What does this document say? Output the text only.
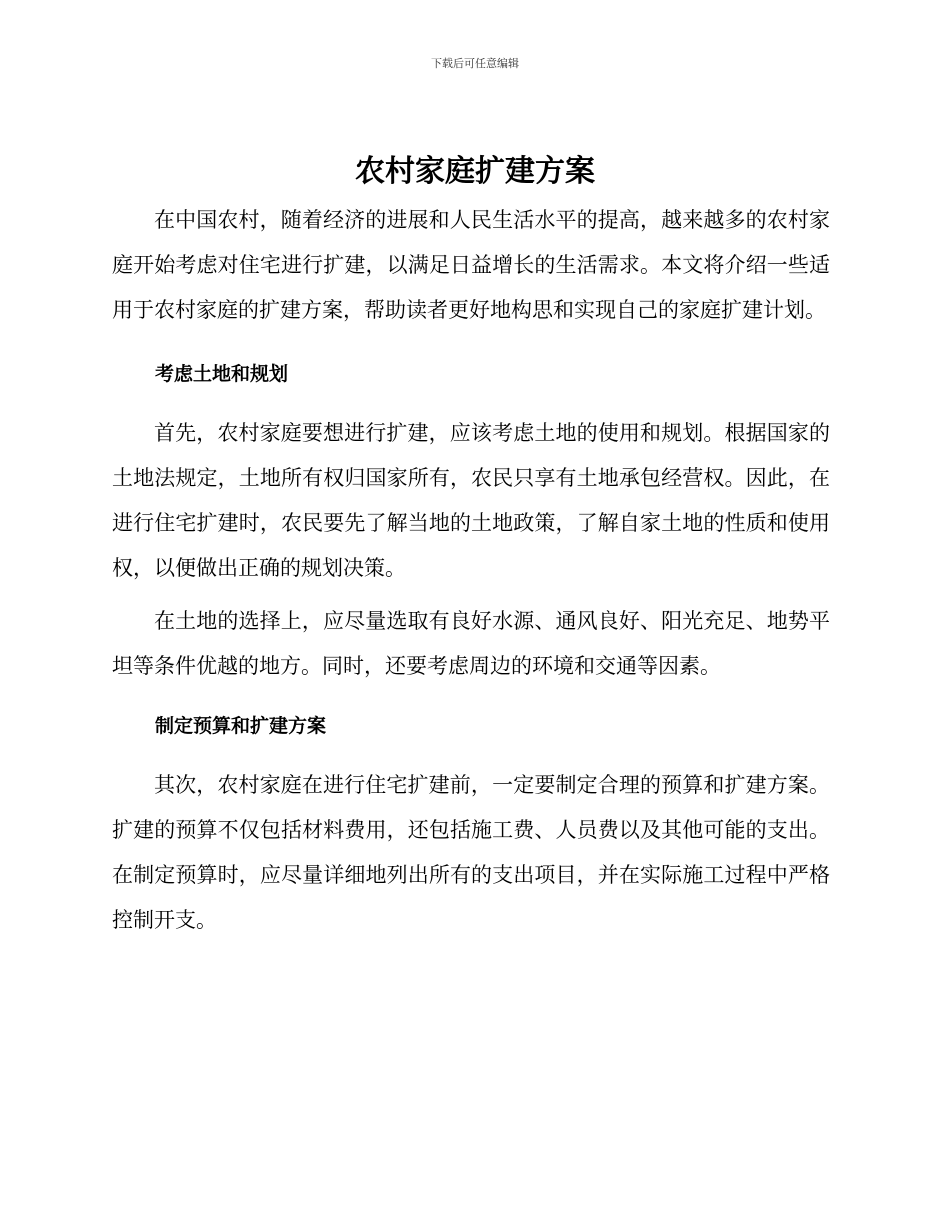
下载后可任意编辑
农村家庭扩建方案

在中国农村，随着经济的进展和人民生活水平的提高，越来越多的农村家庭开始考虑对住宅进行扩建，以满足日益增长的生活需求。本文将介绍一些适用于农村家庭的扩建方案，帮助读者更好地构思和实现自己的家庭扩建计划。

考虑土地和规划

首先，农村家庭要想进行扩建，应该考虑土地的使用和规划。根据国家的土地法规定，土地所有权归国家所有，农民只享有土地承包经营权。因此，在进行住宅扩建时，农民要先了解当地的土地政策，了解自家土地的性质和使用权，以便做出正确的规划决策。

在土地的选择上，应尽量选取有良好水源、通风良好、阳光充足、地势平坦等条件优越的地方。同时，还要考虑周边的环境和交通等因素。

制定预算和扩建方案

其次，农村家庭在进行住宅扩建前，一定要制定合理的预算和扩建方案。扩建的预算不仅包括材料费用，还包括施工费、人员费以及其他可能的支出。在制定预算时，应尽量详细地列出所有的支出项目，并在实际施工过程中严格控制开支。
